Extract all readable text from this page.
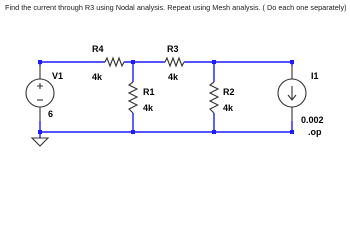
Find the current through R3 using Nodal analysis. Repeat using Mesh analysis. ( Do each one separately)

V1
6
R4
4k
R3
4k
R1
4k
R2
4k
I1
0.002
.op
